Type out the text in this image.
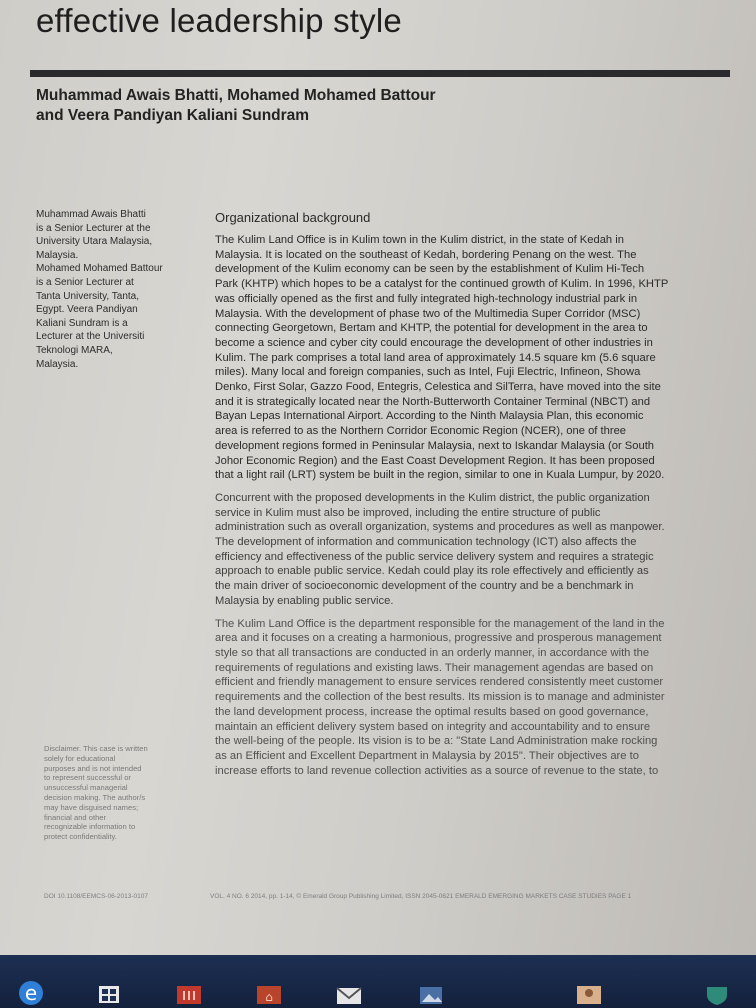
effective leadership style
Muhammad Awais Bhatti, Mohamed Mohamed Battour
and Veera Pandiyan Kaliani Sundram
Muhammad Awais Bhatti
is a Senior Lecturer at the
University Utara Malaysia,
Malaysia.
Mohamed Mohamed Battour
is a Senior Lecturer at
Tanta University, Tanta,
Egypt. Veera Pandiyan
Kaliani Sundram is a
Lecturer at the Universiti
Teknologi MARA,
Malaysia.
Disclaimer. This case is written
solely for educational
purposes and is not intended
to represent successful or
unsuccessful managerial
decision making. The author/s
may have disguised names;
financial and other
recognizable information to
protect confidentiality.
Organizational background
The Kulim Land Office is in Kulim town in the Kulim district, in the state of Kedah in
Malaysia. It is located on the southeast of Kedah, bordering Penang on the west. The
development of the Kulim economy can be seen by the establishment of Kulim Hi-Tech
Park (KHTP) which hopes to be a catalyst for the continued growth of Kulim. In 1996, KHTP
was officially opened as the first and fully integrated high-technology industrial park in
Malaysia. With the development of phase two of the Multimedia Super Corridor (MSC)
connecting Georgetown, Bertam and KHTP, the potential for development in the area to
become a science and cyber city could encourage the development of other industries in
Kulim. The park comprises a total land area of approximately 14.5 square km (5.6 square
miles). Many local and foreign companies, such as Intel, Fuji Electric, Infineon, Showa
Denko, First Solar, Gazzo Food, Entegris, Celestica and SilTerra, have moved into the site
and it is strategically located near the North-Butterworth Container Terminal (NBCT) and
Bayan Lepas International Airport. According to the Ninth Malaysia Plan, this economic
area is referred to as the Northern Corridor Economic Region (NCER), one of three
development regions formed in Peninsular Malaysia, next to Iskandar Malaysia (or South
Johor Economic Region) and the East Coast Development Region. It has been proposed
that a light rail (LRT) system be built in the region, similar to one in Kuala Lumpur, by 2020.
Concurrent with the proposed developments in the Kulim district, the public organization
service in Kulim must also be improved, including the entire structure of public
administration such as overall organization, systems and procedures as well as manpower.
The development of information and communication technology (ICT) also affects the
efficiency and effectiveness of the public service delivery system and requires a strategic
approach to enable public service. Kedah could play its role effectively and efficiently as
the main driver of socioeconomic development of the country and be a benchmark in
Malaysia by enabling public service.
The Kulim Land Office is the department responsible for the management of the land in the
area and it focuses on a creating a harmonious, progressive and prosperous management
style so that all transactions are conducted in an orderly manner, in accordance with the
requirements of regulations and existing laws. Their management agendas are based on
efficient and friendly management to ensure services rendered consistently meet customer
requirements and the collection of the best results. Its mission is to manage and administer
the land development process, increase the optimal results based on good governance,
maintain an efficient delivery system based on integrity and accountability and to ensure
the well-being of the people. Its vision is to be a: "State Land Administration make rocking
as an Efficient and Excellent Department in Malaysia by 2015". Their objectives are to
increase efforts to land revenue collection activities as a source of revenue to the state, to
DOI 10.1108/EEMCS-06-2013-0107	VOL. 4 NO. 6 2014, pp. 1-14, © Emerald Group Publishing Limited, ISSN 2045-0621 EMERALD EMERGING MARKETS CASE STUDIES PAGE 1
e	⌂
